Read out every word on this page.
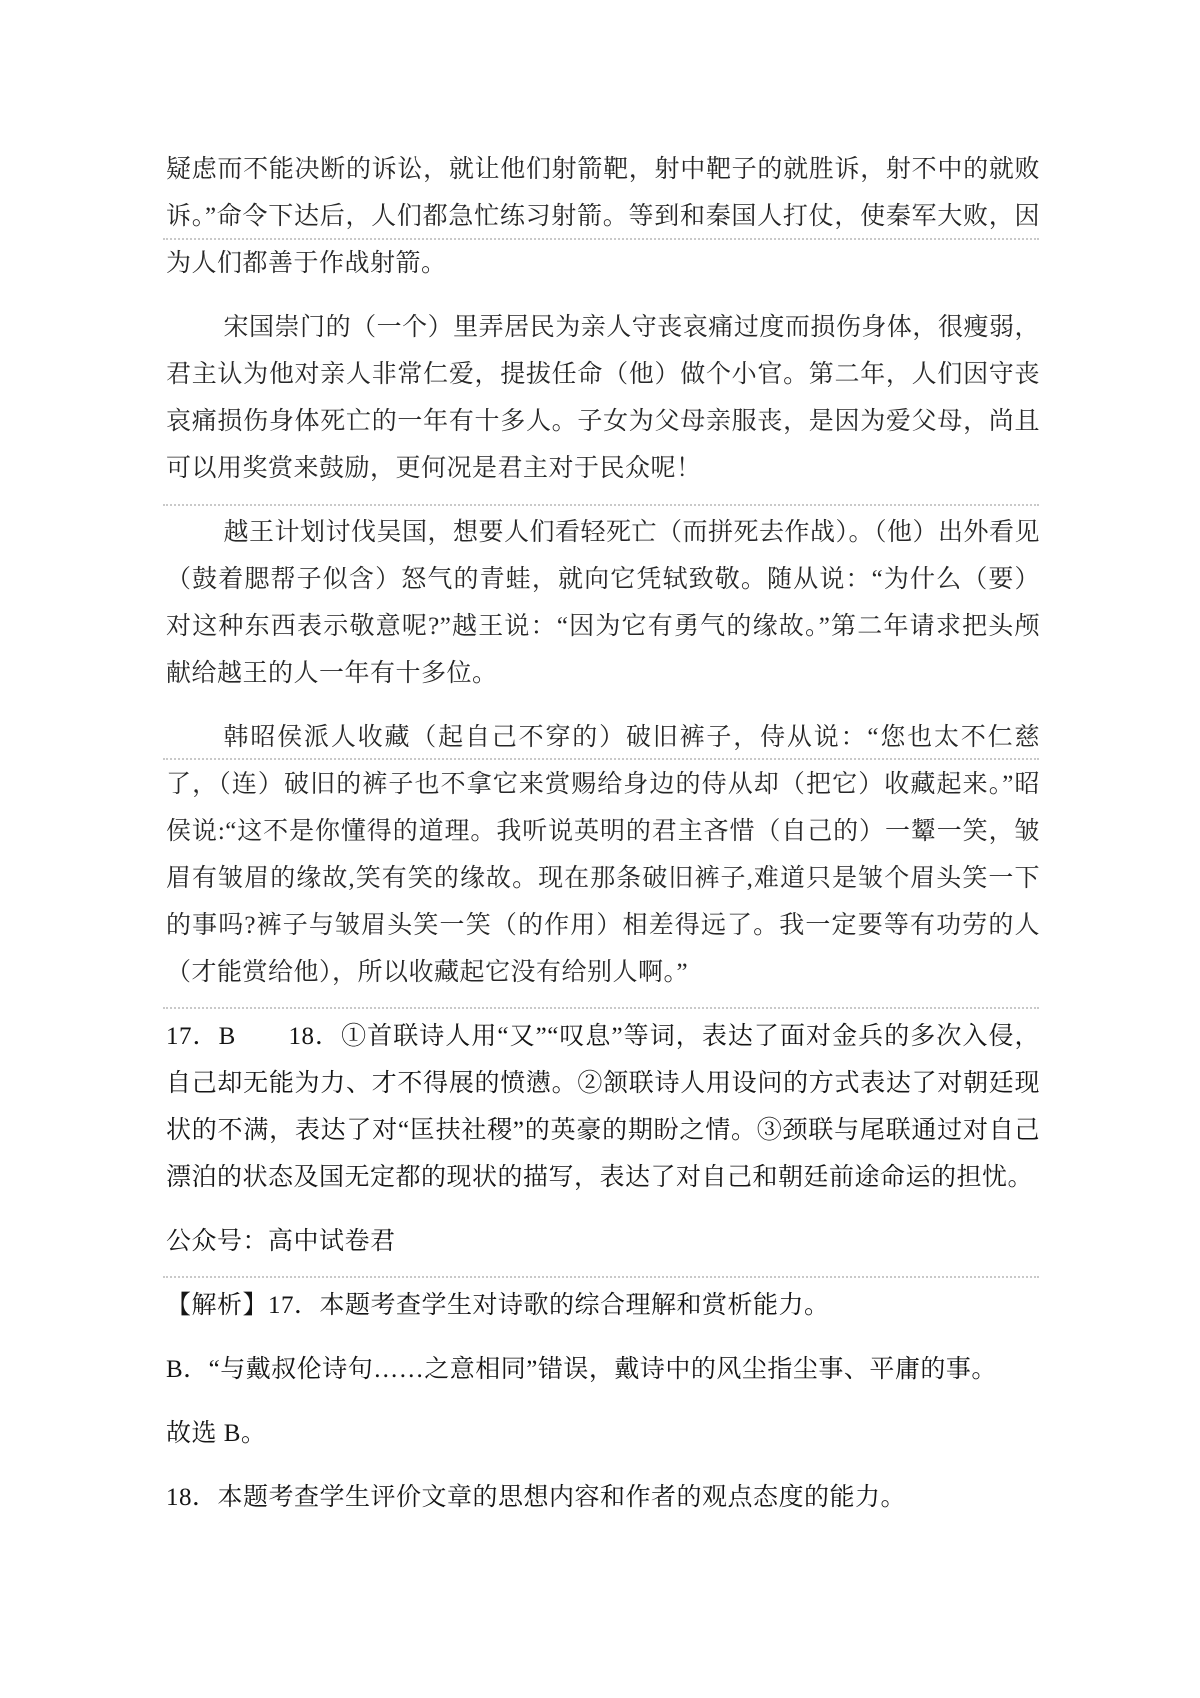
疑虑而不能决断的诉讼，就让他们射箭靶，射中靶子的就胜诉，射不中的就败诉。”命令下达后，人们都急忙练习射箭。等到和秦国人打仗，使秦军大败，因为人们都善于作战射箭。

宋国崇门的（一个）里弄居民为亲人守丧哀痛过度而损伤身体，很瘦弱，君主认为他对亲人非常仁爱，提拔任命（他）做个小官。第二年，人们因守丧哀痛损伤身体死亡的一年有十多人。子女为父母亲服丧，是因为爱父母，尚且可以用奖赏来鼓励，更何况是君主对于民众呢！

越王计划讨伐吴国，想要人们看轻死亡（而拼死去作战）。（他）出外看见（鼓着腮帮子似含）怒气的青蛙，就向它凭轼致敬。随从说：“为什么（要）对这种东西表示敬意呢?”越王说：“因为它有勇气的缘故。”第二年请求把头颅献给越王的人一年有十多位。

韩昭侯派人收藏（起自己不穿的）破旧裤子，侍从说：“您也太不仁慈了，（连）破旧的裤子也不拿它来赏赐给身边的侍从却（把它）收藏起来。”昭侯说:“这不是你懂得的道理。我听说英明的君主吝惜（自己的）一颦一笑，皱眉有皱眉的缘故,笑有笑的缘故。现在那条破旧裤子,难道只是皱个眉头笑一下的事吗?裤子与皱眉头笑一笑（的作用）相差得远了。我一定要等有功劳的人（才能赏给他），所以收藏起它没有给别人啊。”

17．B　　18．①首联诗人用“又”“叹息”等词，表达了面对金兵的多次入侵，自己却无能为力、才不得展的愤懑。②颔联诗人用设问的方式表达了对朝廷现状的不满，表达了对“匡扶社稷”的英豪的期盼之情。③颈联与尾联通过对自己漂泊的状态及国无定都的现状的描写，表达了对自己和朝廷前途命运的担忧。

公众号：高中试卷君

【解析】17．本题考查学生对诗歌的综合理解和赏析能力。

B．“与戴叔伦诗句……之意相同”错误，戴诗中的风尘指尘事、平庸的事。

故选 B。

18．本题考查学生评价文章的思想内容和作者的观点态度的能力。
